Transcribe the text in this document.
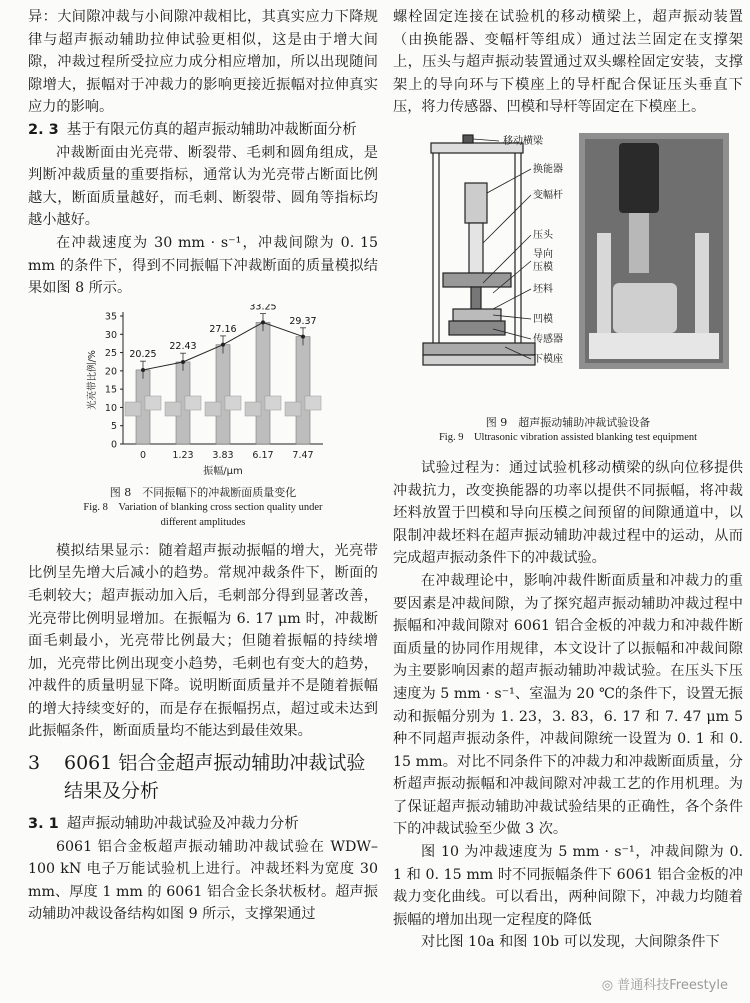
异：大间隙冲裁与小间隙冲裁相比，其真实应力下降规律与超声振动辅助拉伸试验更相似，这是由于增大间隙，冲裁过程所受拉应力成分相应增加，所以出现随间隙增大，振幅对于冲裁力的影响更接近振幅对拉伸真实应力的影响。

2. 3 基于有限元仿真的超声振动辅助冲裁断面分析

冲裁断面由光亮带、断裂带、毛刺和圆角组成，是判断冲裁质量的重要指标，通常认为光亮带占断面比例越大，断面质量越好，而毛刺、断裂带、圆角等指标均越小越好。

在冲裁速度为 30 mm · s⁻¹，冲裁间隙为 0. 15 mm 的条件下，得到不同振幅下冲裁断面的质量模拟结果如图 8 所示。

0
5
10
15
20
25
30
35
光亮带比例/%	20.25
0
22.43
1.23
27.16
3.83
33.25
6.17
29.37
7.47
振幅/μm

图 8　不同振幅下的冲裁断面质量变化

Fig. 8　Variation of blanking cross section quality under

different amplitudes

模拟结果显示：随着超声振动振幅的增大，光亮带比例呈先增大后减小的趋势。常规冲裁条件下，断面的毛刺较大；超声振动加入后，毛刺部分得到显著改善，光亮带比例明显增加。在振幅为 6. 17 μm 时，冲裁断面毛刺最小，光亮带比例最大；但随着振幅的持续增加，光亮带比例出现变小趋势，毛刺也有变大的趋势，冲裁件的质量明显下降。说明断面质量并不是随着振幅的增大持续变好的，而是存在振幅拐点，超过或未达到此振幅条件，断面质量均不能达到最佳效果。

3	6061 铝合金超声振动辅助冲裁试验结果及分析
3. 1 超声振动辅助冲裁试验及冲裁力分析

6061 铝合金板超声振动辅助冲裁试验在 WDW–100 kN 电子万能试验机上进行。冲裁坯料为宽度 30 mm、厚度 1 mm 的 6061 铝合金长条状板材。超声振动辅助冲裁设备结构如图 9 所示，支撑架通过

螺栓固定连接在试验机的移动横梁上，超声振动装置（由换能器、变幅杆等组成）通过法兰固定在支撑架上，压头与超声振动装置通过双头螺栓固定安装，支撑架上的导向环与下模座上的导杆配合保证压头垂直下压，将力传感器、凹模和导杆等固定在下模座上。

移动横梁
换能器
变幅杆
压头
导向
压模
坯料
凹模
传感器
下模座

图 9　超声振动辅助冲裁试验设备

Fig. 9　Ultrasonic vibration assisted blanking test equipment

试验过程为：通过试验机移动横梁的纵向位移提供冲裁抗力，改变换能器的功率以提供不同振幅，将冲裁坯料放置于凹模和导向压模之间预留的间隙通道中，以限制冲裁坯料在超声振动辅助冲裁过程中的运动，从而完成超声振动条件下的冲裁试验。

在冲裁理论中，影响冲裁件断面质量和冲裁力的重要因素是冲裁间隙，为了探究超声振动辅助冲裁过程中振幅和冲裁间隙对 6061 铝合金板的冲裁力和冲裁件断面质量的协同作用规律，本文设计了以振幅和冲裁间隙为主要影响因素的超声振动辅助冲裁试验。在压头下压速度为 5 mm · s⁻¹、室温为 20 ℃的条件下，设置无振动和振幅分别为 1. 23，3. 83，6. 17 和 7. 47 μm 5 种不同超声振动条件，冲裁间隙统一设置为 0. 1 和 0. 15 mm。对比不同条件下的冲裁力和冲裁断面质量，分析超声振动振幅和冲裁间隙对冲裁工艺的作用机理。为了保证超声振动辅助冲裁试验结果的正确性，各个条件下的冲裁试验至少做 3 次。

图 10 为冲裁速度为 5 mm · s⁻¹，冲裁间隙为 0. 1 和 0. 15 mm 时不同振幅条件下 6061 铝合金板的冲裁力变化曲线。可以看出，两种间隙下，冲裁力均随着振幅的增加出现一定程度的降低

对比图 10a 和图 10b 可以发现，大间隙条件下

◎ 普通科技Freestyle
